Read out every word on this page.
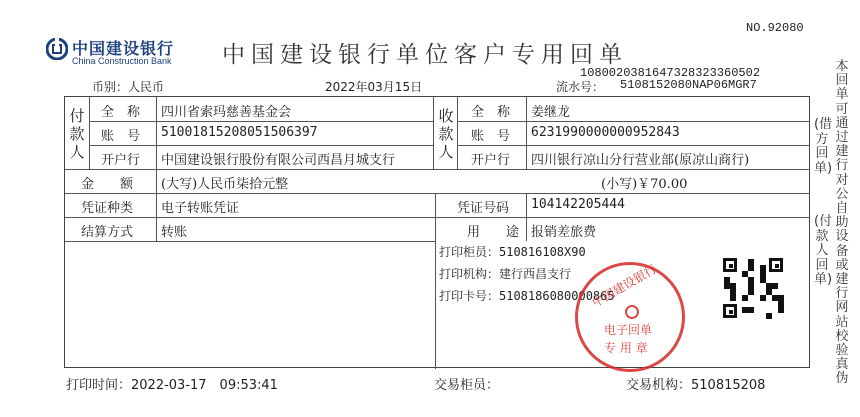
中国建设银行
China Construction Bank 中国建设银行单位客户专用回单
NO.92080
币别：人民币	2022年03月15日
1080020381647328323360502
流水号： 5108152080NAP06MGR7
付款人
全　称 四川省索玛慈善基金会
账　号 51001815208051506397
开户行 中国建设银行股份有限公司西昌月城支行
收款人
全　称 姜继龙
账　号 6231990000000952843
开户行 四川银行凉山分行营业部(原凉山商行)
金　　额 (大写)人民币柒拾元整	(小写)￥70.00
凭证种类 电子转账凭证	凭证号码 104142205444
结算方式 转账	用　　途 报销差旅费
打印柜员：510816108X90
打印机构：建行西昌支行
打印卡号：5108186080000865
中国建设银行
电子回单
专 用 章
本回单可通过建行对公自助设备或建行网站校验真伪
(借方回单)
(付款人回单)
打印时间：2022-03-17　09:53:41	交易柜员：	交易机构：510815208
